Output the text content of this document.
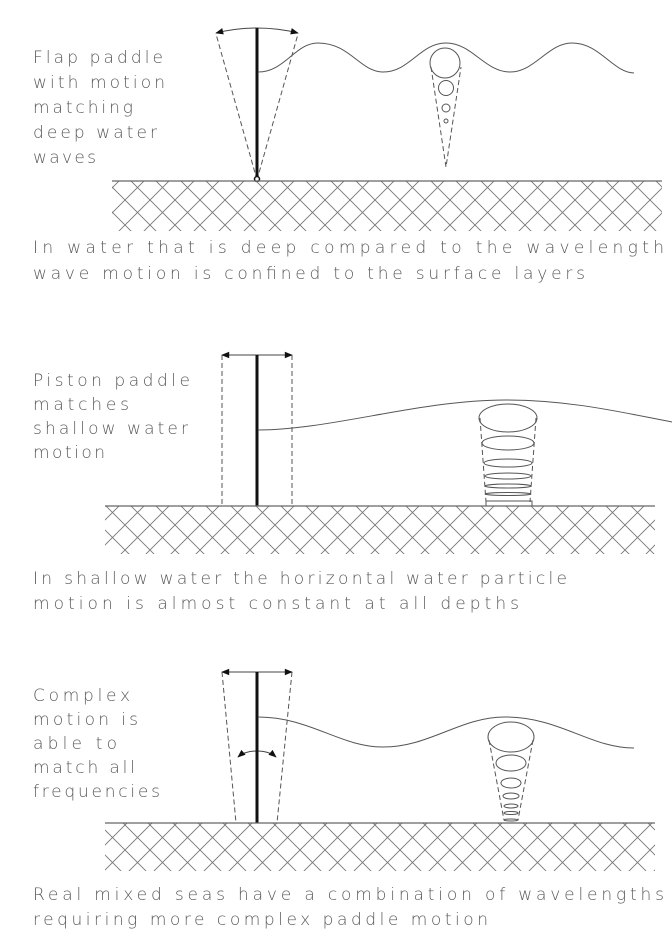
Flap paddle
with motion
matching
deep water
waves
In water that is deep compared to the wavelength
wave motion is confined to the surface layers
Piston paddle
matches
shallow water
motion
In shallow water the horizontal water particle
motion is almost constant at all depths
Complex
motion is
able to
match all
frequencies
Real mixed seas have a combination of wavelengths
requiring more complex paddle motion
